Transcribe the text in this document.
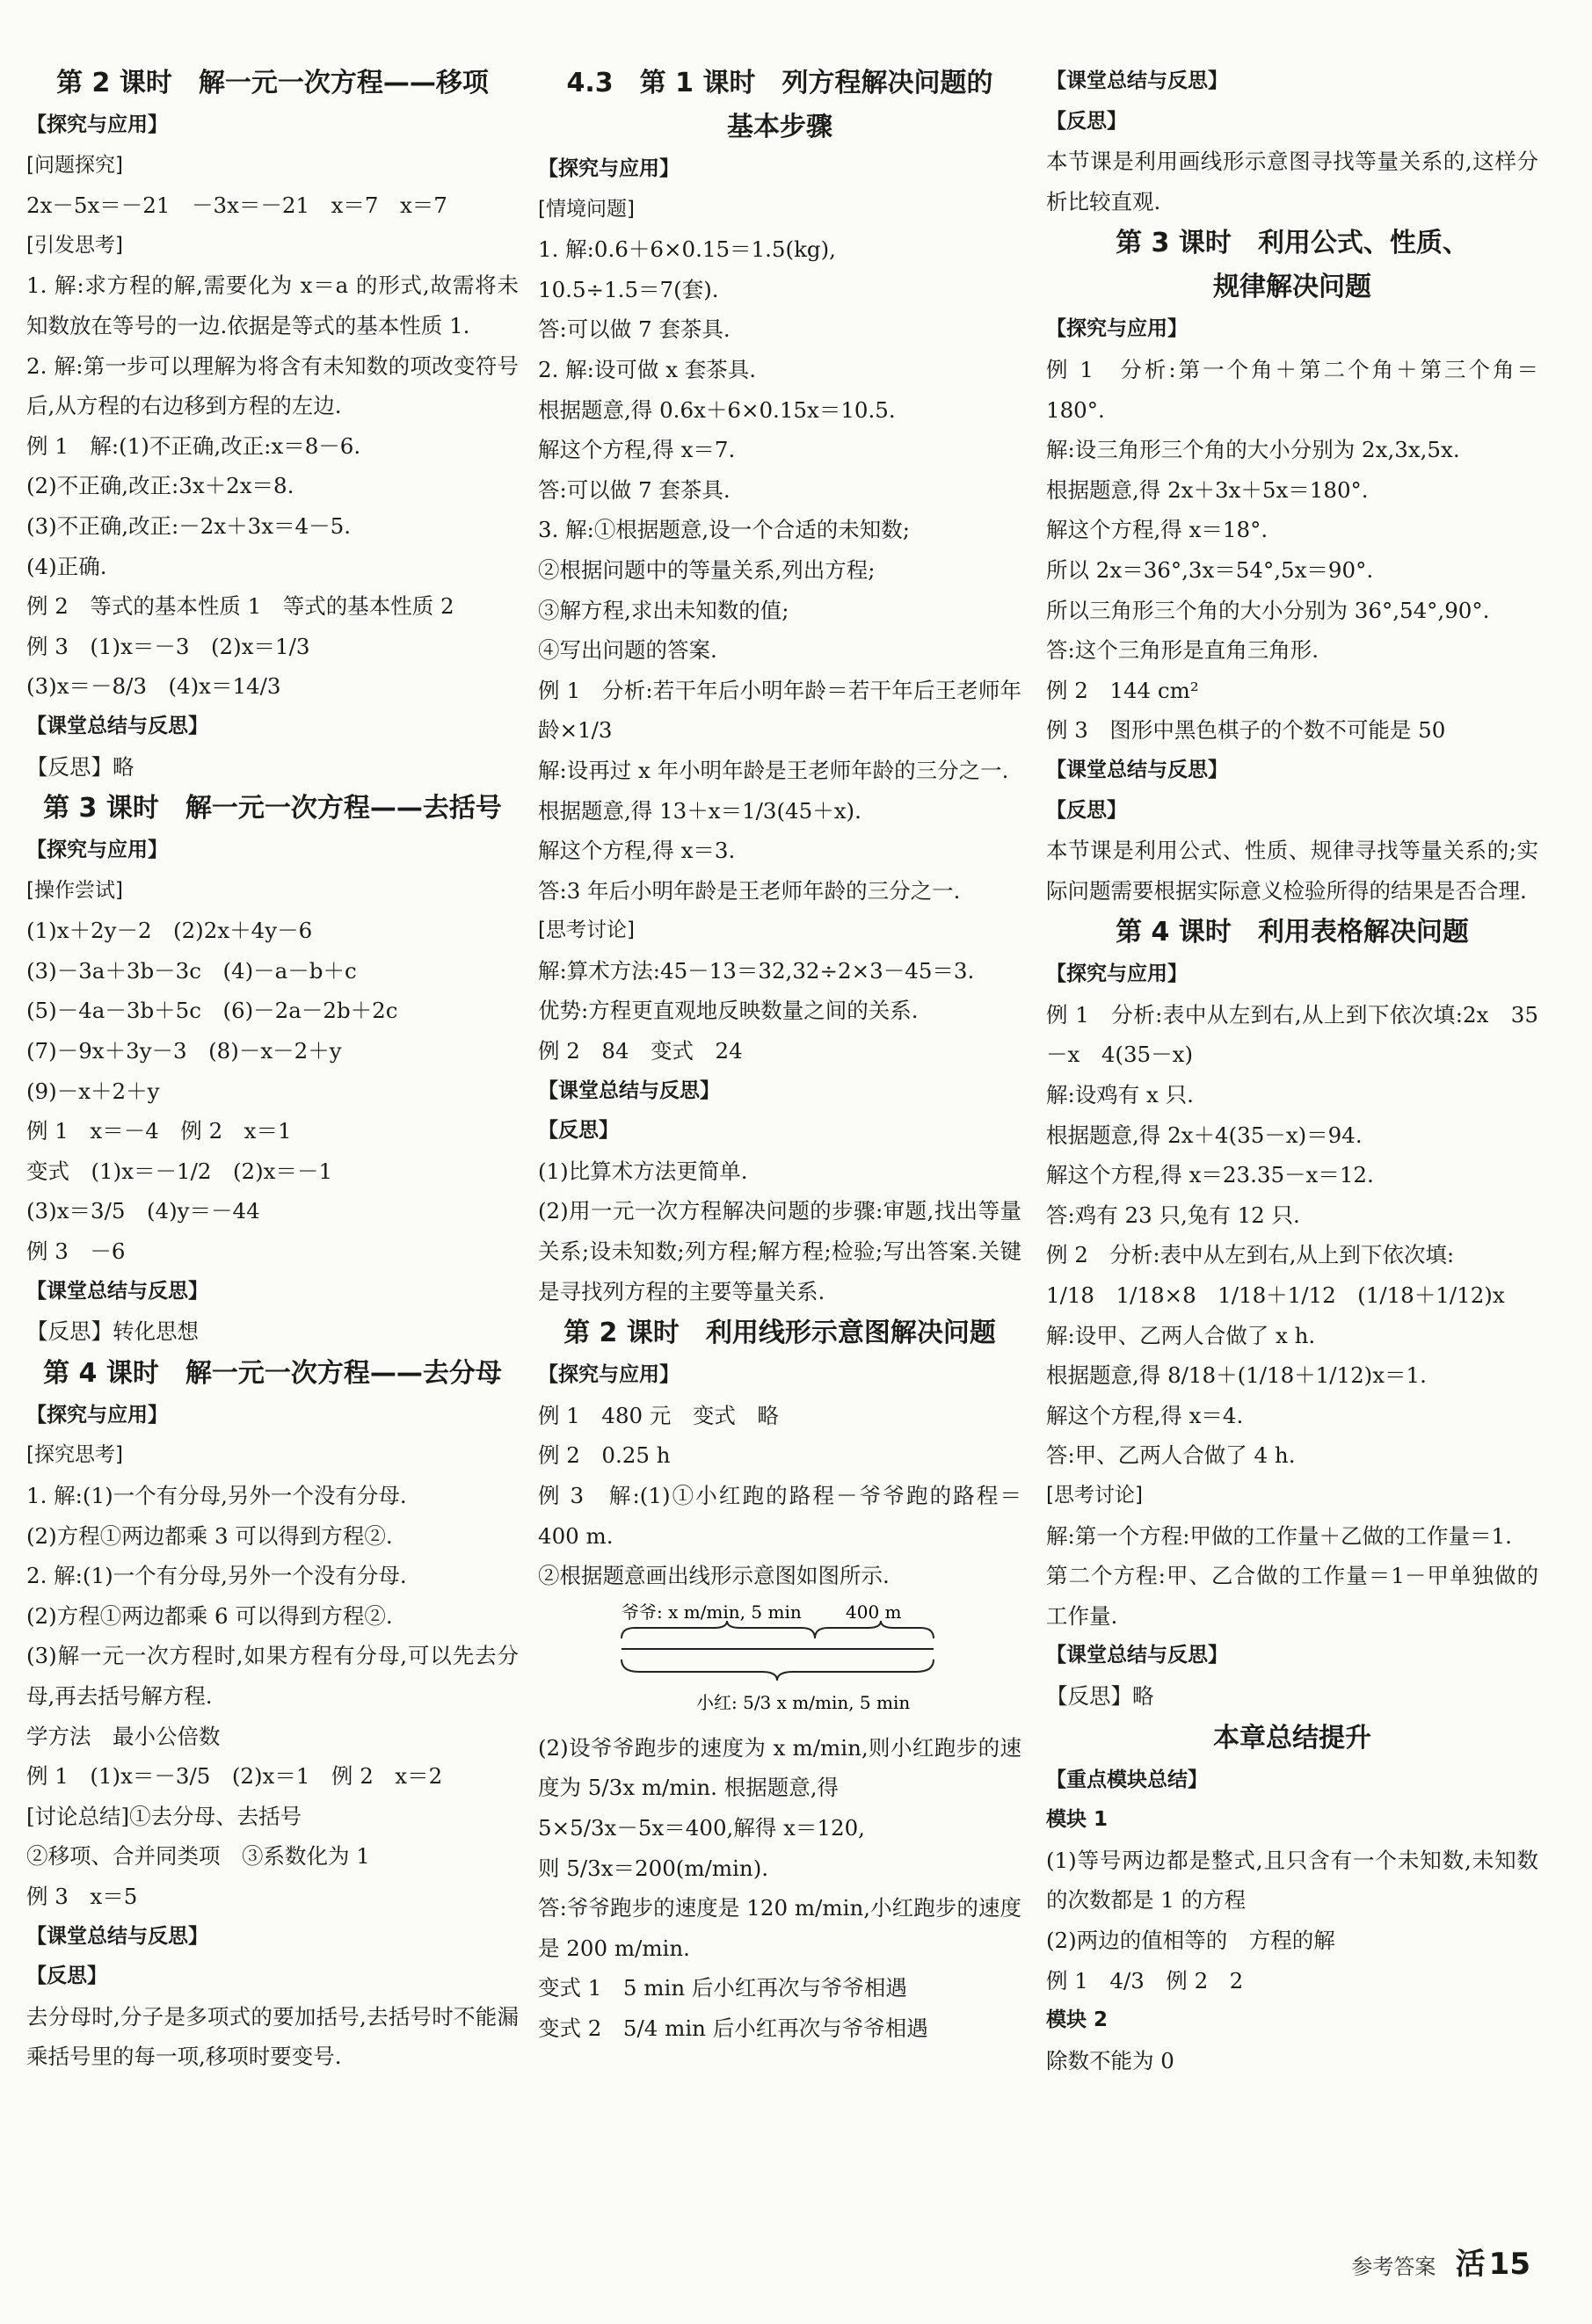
第 2 课时　解一元一次方程——移项
【探究与应用】
[问题探究]
2x－5x＝－21　－3x＝－21　x＝7　x＝7
[引发思考]
1. 解:求方程的解,需要化为 x＝a 的形式,故需将未知数放在等号的一边.依据是等式的基本性质 1.
2. 解:第一步可以理解为将含有未知数的项改变符号后,从方程的右边移到方程的左边.
例 1　解:(1)不正确,改正:x＝8－6.
(2)不正确,改正:3x＋2x＝8.
(3)不正确,改正:－2x＋3x＝4－5.
(4)正确.
例 2　等式的基本性质 1　等式的基本性质 2
例 3　(1)x＝－3　(2)x＝1/3
(3)x＝－8/3　(4)x＝14/3
【课堂总结与反思】
【反思】略
第 3 课时　解一元一次方程——去括号
【探究与应用】
[操作尝试]
(1)x＋2y－2　(2)2x＋4y－6
(3)－3a＋3b－3c　(4)－a－b＋c
(5)－4a－3b＋5c　(6)－2a－2b＋2c
(7)－9x＋3y－3　(8)－x－2＋y
(9)－x＋2＋y
例 1　x＝－4　例 2　x＝1
变式　(1)x＝－1/2　(2)x＝－1
(3)x＝3/5　(4)y＝－44
例 3　－6
【课堂总结与反思】
【反思】转化思想
第 4 课时　解一元一次方程——去分母
【探究与应用】
[探究思考]
1. 解:(1)一个有分母,另外一个没有分母.
(2)方程①两边都乘 3 可以得到方程②.
2. 解:(1)一个有分母,另外一个没有分母.
(2)方程①两边都乘 6 可以得到方程②.
(3)解一元一次方程时,如果方程有分母,可以先去分母,再去括号解方程.
学方法　最小公倍数
例 1　(1)x＝－3/5　(2)x＝1　例 2　x＝2
[讨论总结]①去分母、去括号
②移项、合并同类项　③系数化为 1
例 3　x＝5
【课堂总结与反思】
【反思】
去分母时,分子是多项式的要加括号,去括号时不能漏乘括号里的每一项,移项时要变号.
4.3　第 1 课时　列方程解决问题的
基本步骤
【探究与应用】
[情境问题]
1. 解:0.6＋6×0.15＝1.5(kg),
10.5÷1.5＝7(套).
答:可以做 7 套茶具.
2. 解:设可做 x 套茶具.
根据题意,得 0.6x＋6×0.15x＝10.5.
解这个方程,得 x＝7.
答:可以做 7 套茶具.
3. 解:①根据题意,设一个合适的未知数;
②根据问题中的等量关系,列出方程;
③解方程,求出未知数的值;
④写出问题的答案.
例 1　分析:若干年后小明年龄＝若干年后王老师年龄×1/3
解:设再过 x 年小明年龄是王老师年龄的三分之一.
根据题意,得 13＋x＝1/3(45＋x).
解这个方程,得 x＝3.
答:3 年后小明年龄是王老师年龄的三分之一.
[思考讨论]
解:算术方法:45－13＝32,32÷2×3－45＝3.
优势:方程更直观地反映数量之间的关系.
例 2　84　变式　24
【课堂总结与反思】
【反思】
(1)比算术方法更简单.
(2)用一元一次方程解决问题的步骤:审题,找出等量关系;设未知数;列方程;解方程;检验;写出答案.关键是寻找列方程的主要等量关系.
第 2 课时　利用线形示意图解决问题
【探究与应用】
例 1　480 元　变式　略
例 2　0.25 h
例 3　解:(1)①小红跑的路程－爷爷跑的路程＝400 m.
②根据题意画出线形示意图如图所示.
爷爷: x m/min, 5 min	400 m
小红: 5/3 x m/min, 5 min
(2)设爷爷跑步的速度为 x m/min,则小红跑步的速度为 5/3x m/min. 根据题意,得
5×5/3x－5x＝400,解得 x＝120,
则 5/3x＝200(m/min).
答:爷爷跑步的速度是 120 m/min,小红跑步的速度是 200 m/min.
变式 1　5 min 后小红再次与爷爷相遇
变式 2　5/4 min 后小红再次与爷爷相遇
【课堂总结与反思】
【反思】
本节课是利用画线形示意图寻找等量关系的,这样分析比较直观.
第 3 课时　利用公式、性质、
规律解决问题
【探究与应用】
例 1　分析:第一个角＋第二个角＋第三个角＝180°.
解:设三角形三个角的大小分别为 2x,3x,5x.
根据题意,得 2x＋3x＋5x＝180°.
解这个方程,得 x＝18°.
所以 2x＝36°,3x＝54°,5x＝90°.
所以三角形三个角的大小分别为 36°,54°,90°.
答:这个三角形是直角三角形.
例 2　144 cm²
例 3　图形中黑色棋子的个数不可能是 50
【课堂总结与反思】
【反思】
本节课是利用公式、性质、规律寻找等量关系的;实际问题需要根据实际意义检验所得的结果是否合理.
第 4 课时　利用表格解决问题
【探究与应用】
例 1　分析:表中从左到右,从上到下依次填:2x　35－x　4(35－x)
解:设鸡有 x 只.
根据题意,得 2x＋4(35－x)＝94.
解这个方程,得 x＝23.35－x＝12.
答:鸡有 23 只,兔有 12 只.
例 2　分析:表中从左到右,从上到下依次填:
1/18　1/18×8　1/18＋1/12　(1/18＋1/12)x
解:设甲、乙两人合做了 x h.
根据题意,得 8/18＋(1/18＋1/12)x＝1.
解这个方程,得 x＝4.
答:甲、乙两人合做了 4 h.
[思考讨论]
解:第一个方程:甲做的工作量＋乙做的工作量＝1.
第二个方程:甲、乙合做的工作量＝1－甲单独做的工作量.
【课堂总结与反思】
【反思】略
本章总结提升
【重点模块总结】
模块 1
(1)等号两边都是整式,且只含有一个未知数,未知数的次数都是 1 的方程
(2)两边的值相等的　方程的解
例 1　4/3　例 2　2
模块 2
除数不能为 0
参考答案 活 15
